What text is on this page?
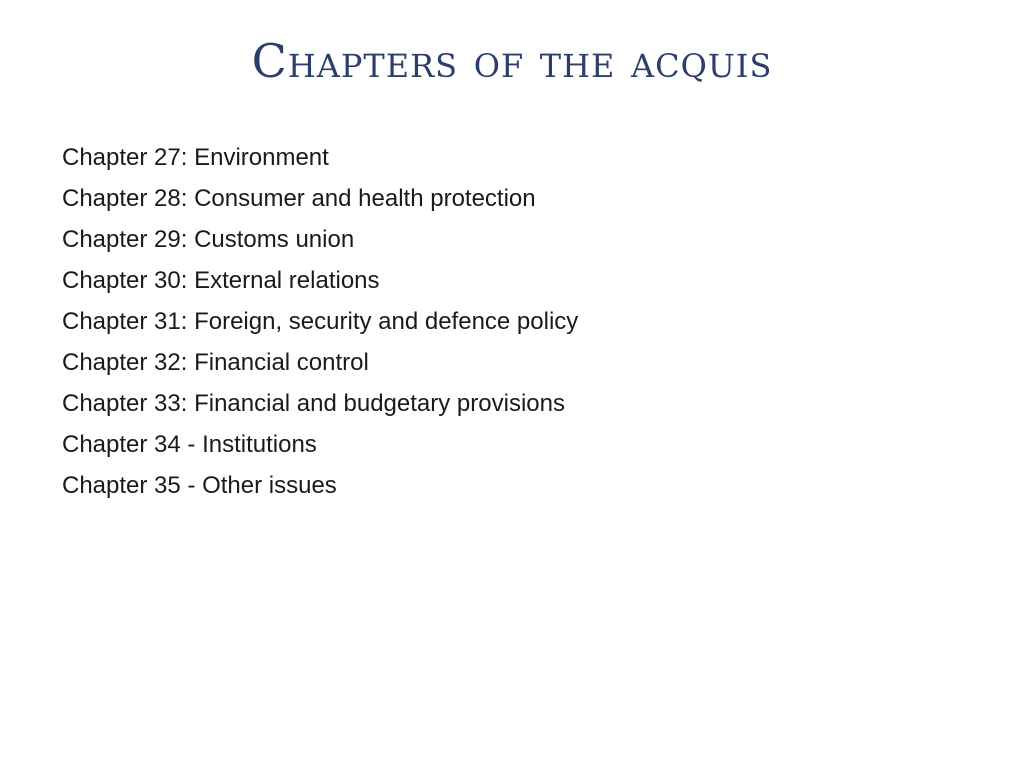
Chapters of the acquis
Chapter 27: Environment
Chapter 28: Consumer and health protection
Chapter 29: Customs union
Chapter 30: External relations
Chapter 31: Foreign, security and defence policy
Chapter 32: Financial control
Chapter 33: Financial and budgetary provisions
Chapter 34 - Institutions
Chapter 35 - Other issues
